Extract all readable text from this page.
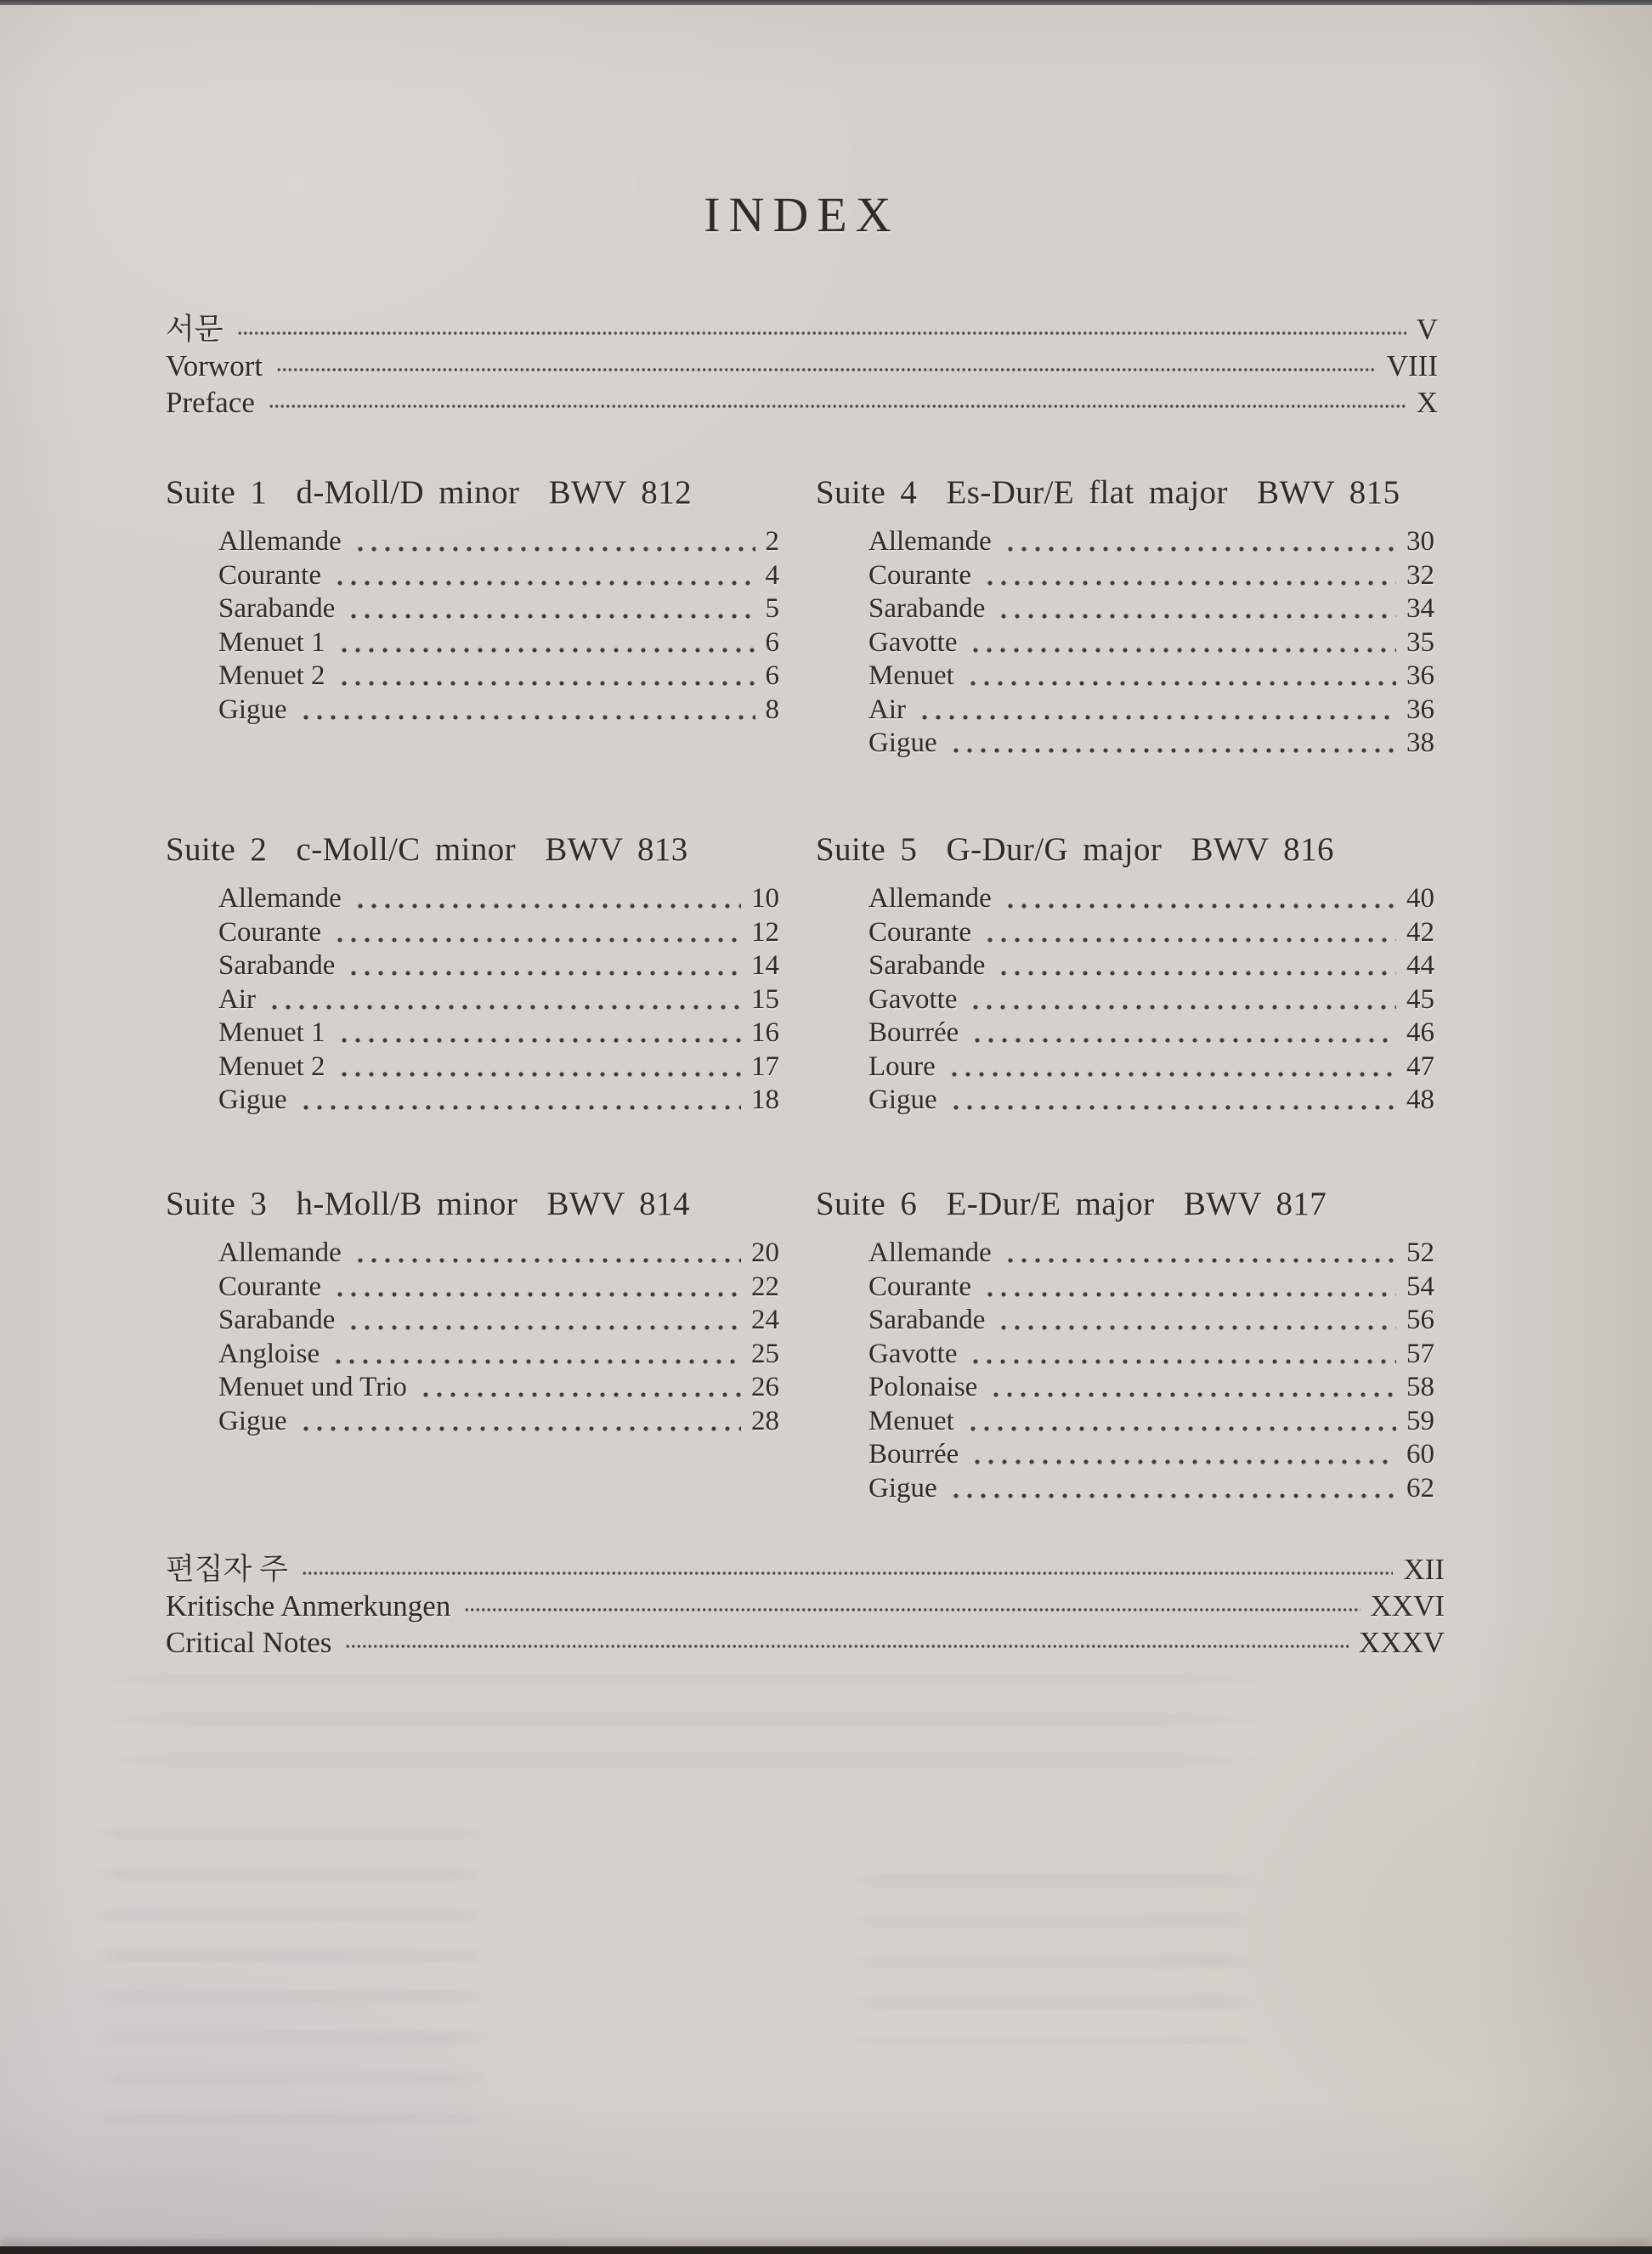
INDEX
서문	V
Vorwort	VIII
Preface	X
Suite 1  d-Moll/D minor  BWV 812
Allemande	2
Courante	4
Sarabande	5
Menuet 1	6
Menuet 2	6
Gigue	8
Suite 2  c-Moll/C minor  BWV 813
Allemande	10
Courante	12
Sarabande	14
Air	15
Menuet 1	16
Menuet 2	17
Gigue	18
Suite 3  h-Moll/B minor  BWV 814
Allemande	20
Courante	22
Sarabande	24
Angloise	25
Menuet und Trio	26
Gigue	28
Suite 4  Es-Dur/E flat major  BWV 815
Allemande	30
Courante	32
Sarabande	34
Gavotte	35
Menuet	36
Air	36
Gigue	38
Suite 5  G-Dur/G major  BWV 816
Allemande	40
Courante	42
Sarabande	44
Gavotte	45
Bourrée	46
Loure	47
Gigue	48
Suite 6  E-Dur/E major  BWV 817
Allemande	52
Courante	54
Sarabande	56
Gavotte	57
Polonaise	58
Menuet	59
Bourrée	60
Gigue	62
편집자 주	XII
Kritische Anmerkungen	XXVI
Critical Notes	XXXV
